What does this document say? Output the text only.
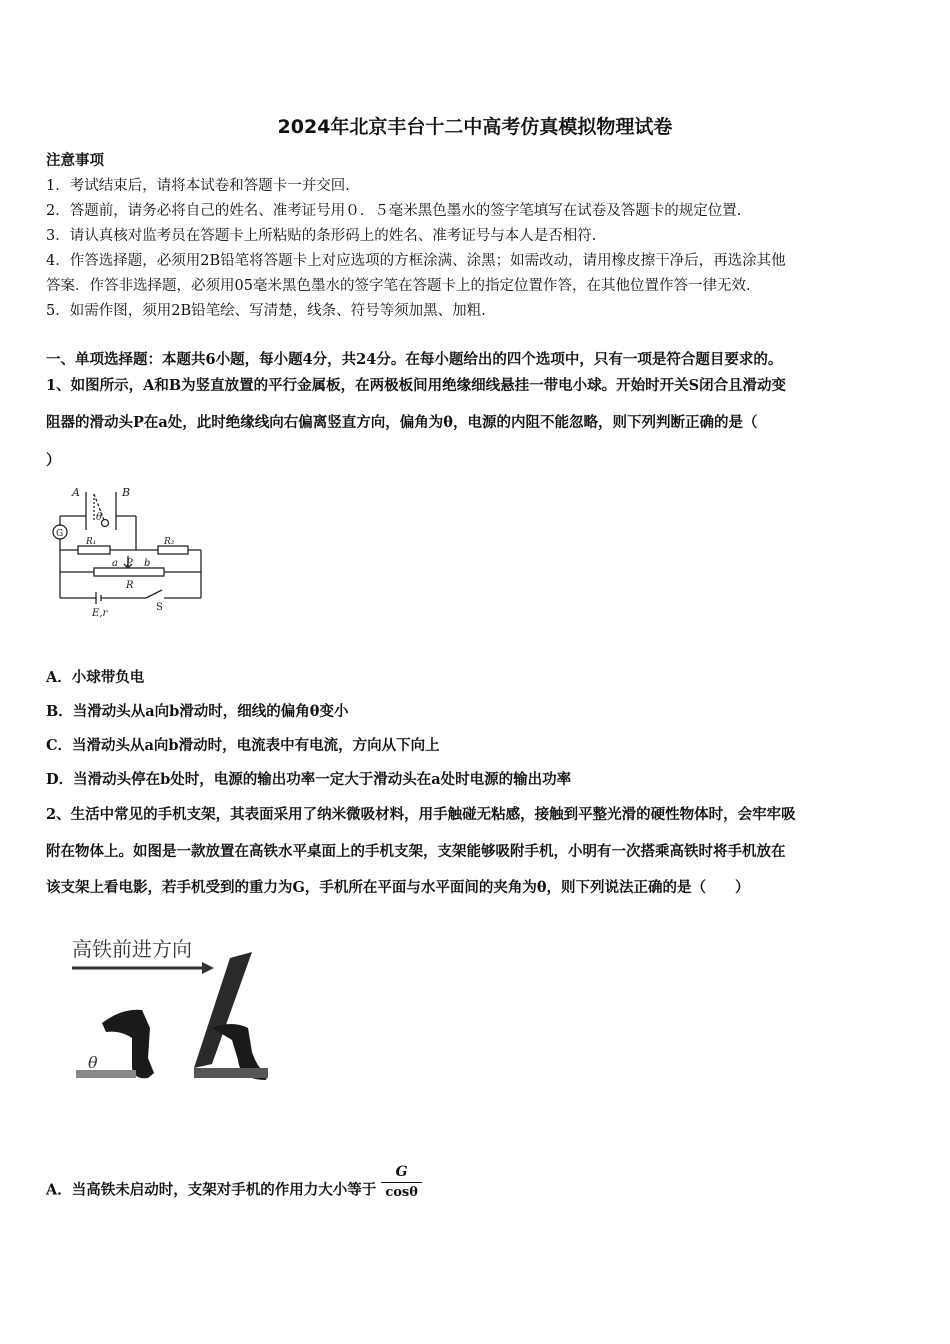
2024年北京丰台十二中高考仿真模拟物理试卷
注意事项
1．考试结束后，请将本试卷和答题卡一并交回.
2．答题前，请务必将自己的姓名、准考证号用０．５毫米黑色墨水的签字笔填写在试卷及答题卡的规定位置.
3．请认真核对监考员在答题卡上所粘贴的条形码上的姓名、准考证号与本人是否相符.
4．作答选择题，必须用2B铅笔将答题卡上对应选项的方框涂满、涂黑；如需改动，请用橡皮擦干净后，再选涂其他
答案．作答非选择题，必须用05毫米黑色墨水的签字笔在答题卡上的指定位置作答，在其他位置作答一律无效.
5．如需作图，须用2B铅笔绘、写清楚，线条、符号等须加黑、加粗.
一、单项选择题：本题共6小题，每小题4分，共24分。在每小题给出的四个选项中，只有一项是符合题目要求的。
1、如图所示，A和B为竖直放置的平行金属板，在两极板间用绝缘细线悬挂一带电小球。开始时开关S闭合且滑动变
阻器的滑动头P在a处，此时绝缘线向右偏离竖直方向，偏角为θ，电源的内阻不能忽略，则下列判断正确的是（
）
A	B
θ
G
R₁	R₂
a P b
R
E,r
S
A．小球带负电
B．当滑动头从a向b滑动时，细线的偏角θ变小
C．当滑动头从a向b滑动时，电流表中有电流，方向从下向上
D．当滑动头停在b处时，电源的输出功率一定大于滑动头在a处时电源的输出功率
2、生活中常见的手机支架，其表面采用了纳米微吸材料，用手触碰无粘感，接触到平整光滑的硬性物体时，会牢牢吸
附在物体上。如图是一款放置在高铁水平桌面上的手机支架，支架能够吸附手机，小明有一次搭乘高铁时将手机放在
该支架上看电影，若手机受到的重力为G，手机所在平面与水平面间的夹角为θ，则下列说法正确的是（　　）
高铁前进方向
θ
A．当高铁未启动时，支架对手机的作用力大小等于 $\frac{G}{\cos\theta}$
